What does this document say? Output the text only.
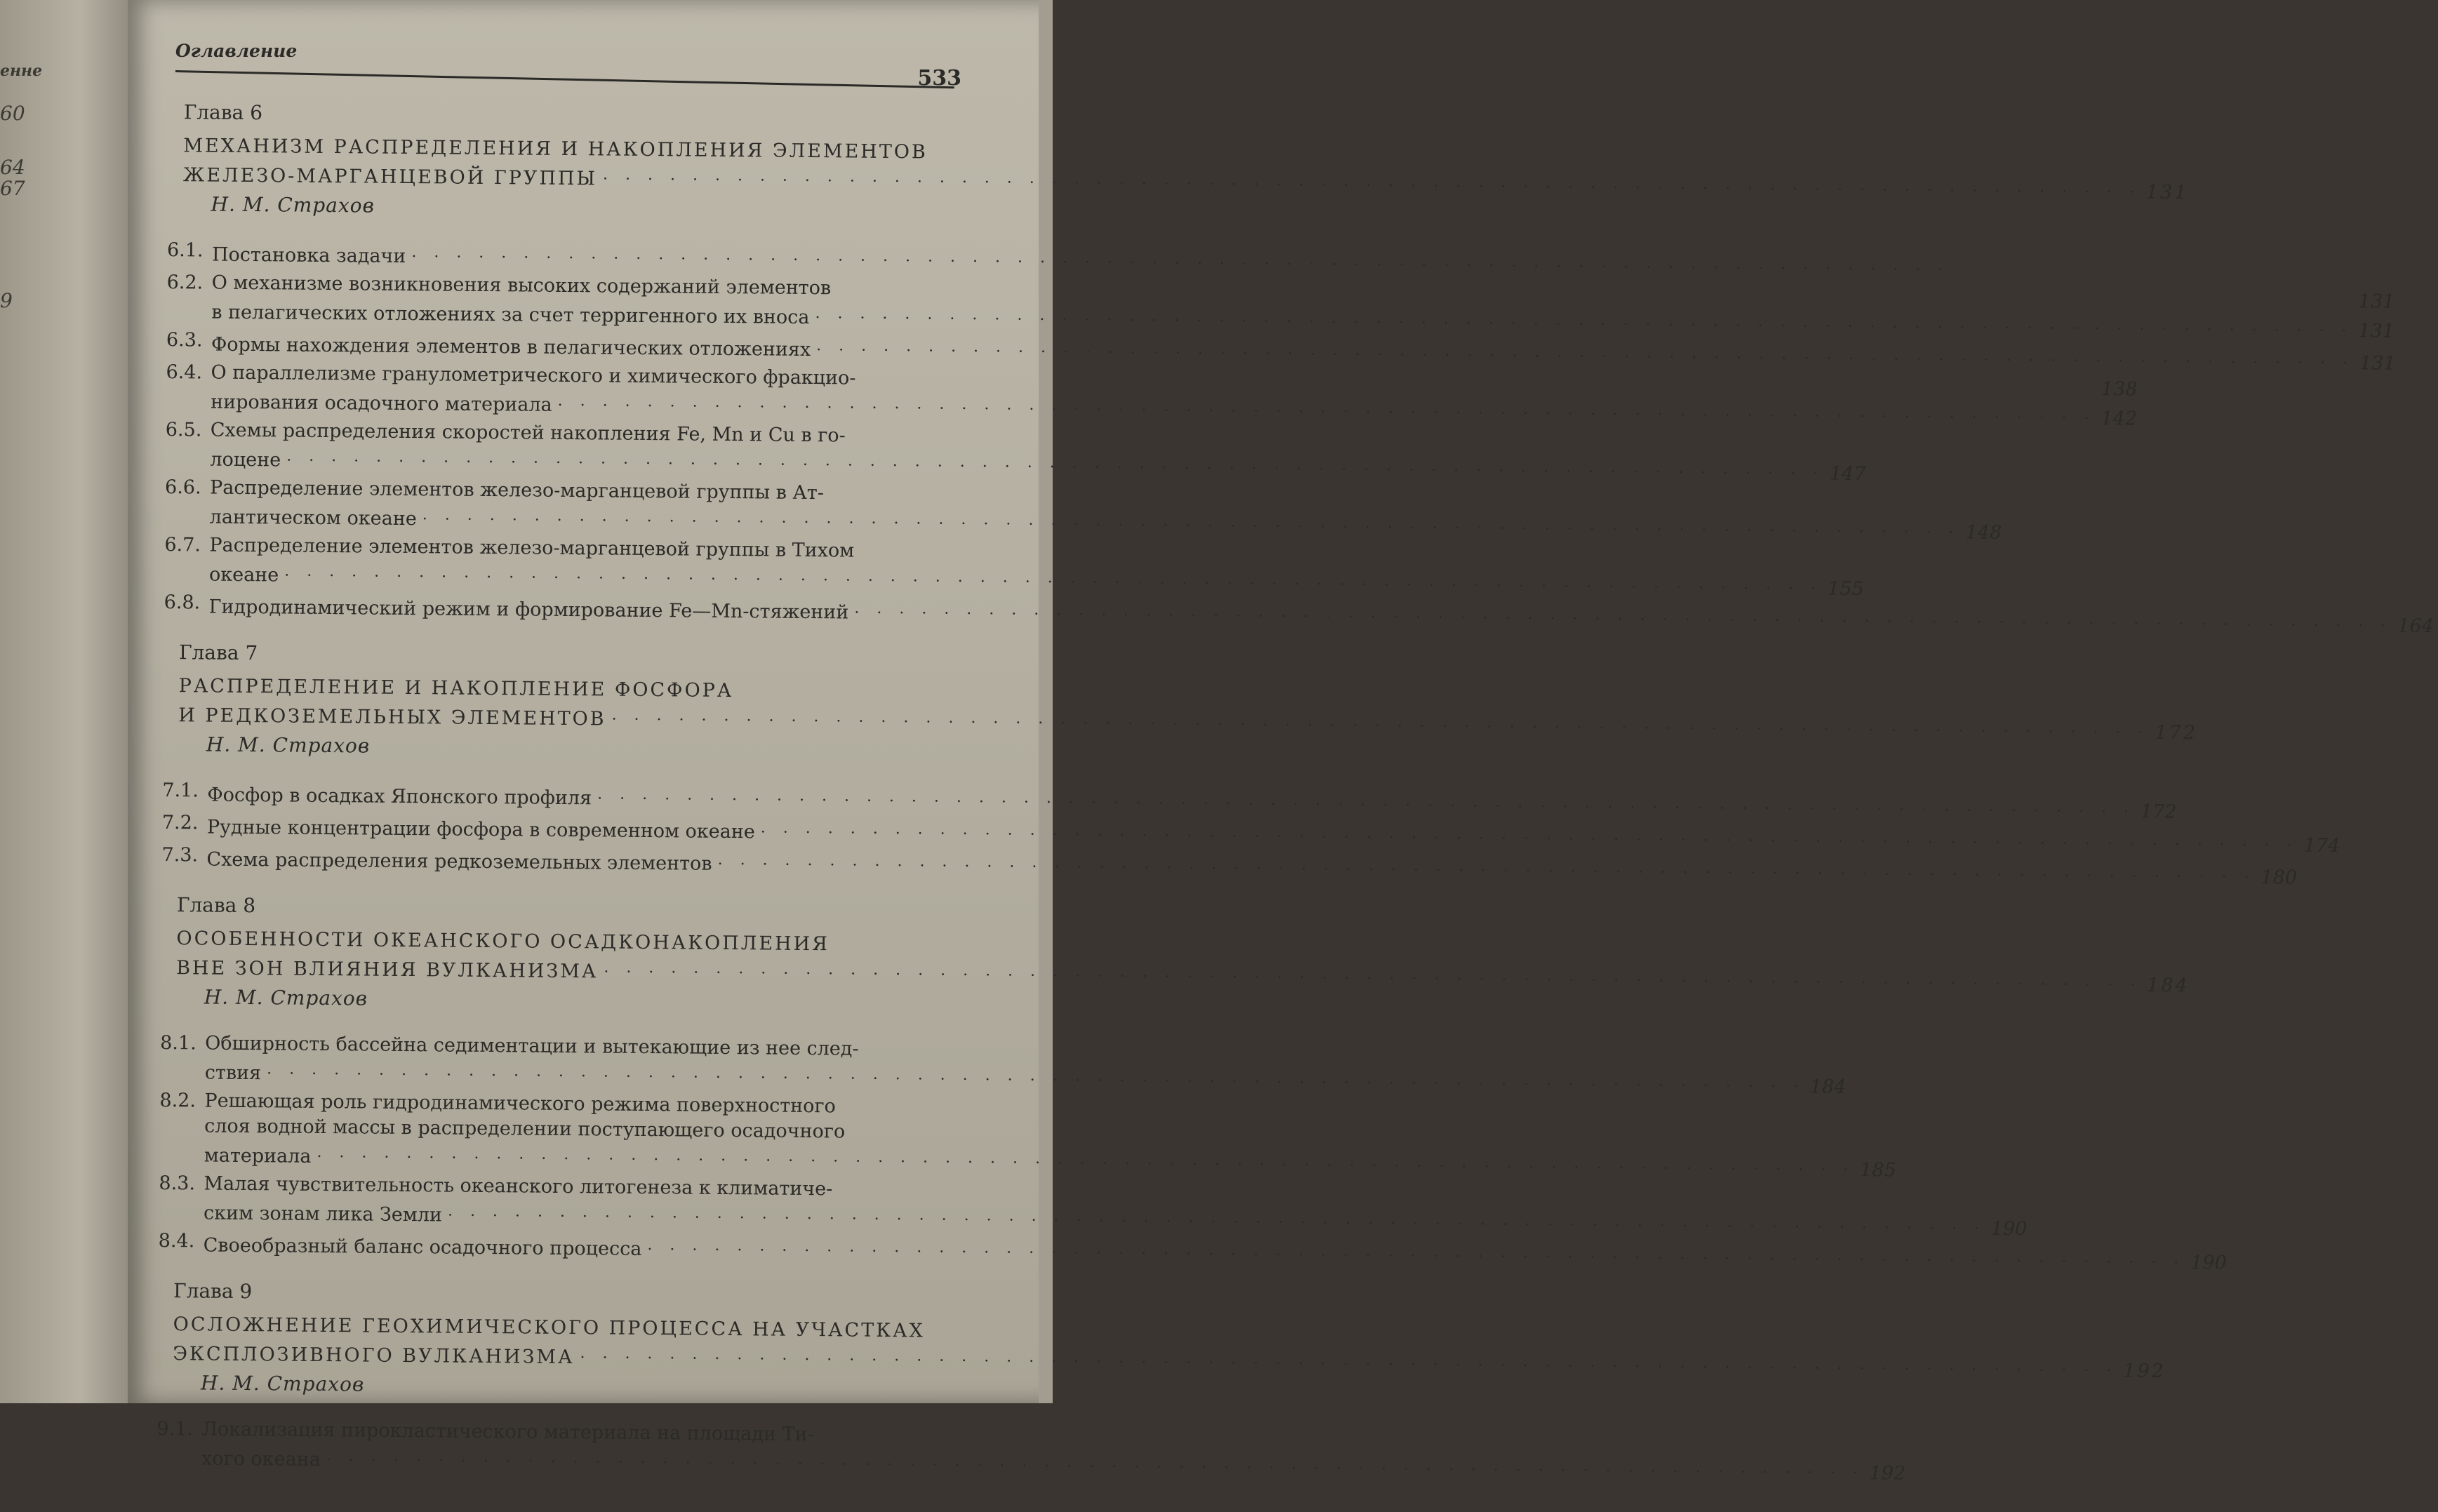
енне
60
64
67
9
Оглавление
533
Глава 6
МЕХАНИЗМ РАСПРЕДЕЛЕНИЯ И НАКОПЛЕНИЯ ЭЛЕМЕНТОВ
ЖЕЛЕЗО-МАРГАНЦЕВОЙ ГРУППЫ . . . . . . . . . . . . . . . . . . . . . . . . . . . . . . . . . . . . . . . . . . . . . . . . . . . . . . . . . . . . . . . . . . . . . 131
Н. М. Страхов
6.1. Постановка задачи . . . . . . . . . . . . . . . . . . . . . . . . . . . . . . . . . . . . . . . . . . . . . . . . . . . . . . . . . . . . . . . . . . . . .
6.2. О механизме возникновения высоких содержаний элементов
131
в пелагических отложениях за счет терригенного их вноса . . . . . . . . . . . . . . . . . . . . . . . . . . . . . . . . . . . . . . . . . . . . . . . . . . . . . . . . . . . . . . . . . . . . . 131
6.3. Формы нахождения элементов в пелагических отложениях . . . . . . . . . . . . . . . . . . . . . . . . . . . . . . . . . . . . . . . . . . . . . . . . . . . . . . . . . . . . . . . . . . . . . 131
6.4. О параллелизме гранулометрического и химического фракцио-
138
нирования осадочного материала . . . . . . . . . . . . . . . . . . . . . . . . . . . . . . . . . . . . . . . . . . . . . . . . . . . . . . . . . . . . . . . . . . . . . 142
6.5. Схемы распределения скоростей накопления Fe, Mn и Cu в го-
лоцене . . . . . . . . . . . . . . . . . . . . . . . . . . . . . . . . . . . . . . . . . . . . . . . . . . . . . . . . . . . . . . . . . . . . . 147
6.6. Распределение элементов железо-марганцевой группы в Ат-
лантическом океане . . . . . . . . . . . . . . . . . . . . . . . . . . . . . . . . . . . . . . . . . . . . . . . . . . . . . . . . . . . . . . . . . . . . . 148
6.7. Распределение элементов железо-марганцевой группы в Тихом
океане . . . . . . . . . . . . . . . . . . . . . . . . . . . . . . . . . . . . . . . . . . . . . . . . . . . . . . . . . . . . . . . . . . . . . 155
6.8. Гидродинамический режим и формирование Fe—Mn-стяжений . . . . . . . . . . . . . . . . . . . . . . . . . . . . . . . . . . . . . . . . . . . . . . . . . . . . . . . . . . . . . . . . . . . . . 164
Глава 7
РАСПРЕДЕЛЕНИЕ И НАКОПЛЕНИЕ ФОСФОРА
И РЕДКОЗЕМЕЛЬНЫХ ЭЛЕМЕНТОВ . . . . . . . . . . . . . . . . . . . . . . . . . . . . . . . . . . . . . . . . . . . . . . . . . . . . . . . . . . . . . . . . . . . . . 172
Н. М. Страхов
7.1. Фосфор в осадках Японского профиля . . . . . . . . . . . . . . . . . . . . . . . . . . . . . . . . . . . . . . . . . . . . . . . . . . . . . . . . . . . . . . . . . . . . . 172
7.2. Рудные концентрации фосфора в современном океане . . . . . . . . . . . . . . . . . . . . . . . . . . . . . . . . . . . . . . . . . . . . . . . . . . . . . . . . . . . . . . . . . . . . . 174
7.3. Схема распределения редкоземельных элементов . . . . . . . . . . . . . . . . . . . . . . . . . . . . . . . . . . . . . . . . . . . . . . . . . . . . . . . . . . . . . . . . . . . . . 180
Глава 8
ОСОБЕННОСТИ ОКЕАНСКОГО ОСАДКОНАКОПЛЕНИЯ
ВНЕ ЗОН ВЛИЯНИЯ ВУЛКАНИЗМА . . . . . . . . . . . . . . . . . . . . . . . . . . . . . . . . . . . . . . . . . . . . . . . . . . . . . . . . . . . . . . . . . . . . . 184
Н. М. Страхов
8.1. Обширность бассейна седиментации и вытекающие из нее след-
ствия . . . . . . . . . . . . . . . . . . . . . . . . . . . . . . . . . . . . . . . . . . . . . . . . . . . . . . . . . . . . . . . . . . . . . 184
8.2. Решающая роль гидродинамического режима поверхностного
слоя водной массы в распределении поступающего осадочного
материала . . . . . . . . . . . . . . . . . . . . . . . . . . . . . . . . . . . . . . . . . . . . . . . . . . . . . . . . . . . . . . . . . . . . . 185
8.3. Малая чувствительность океанского литогенеза к климатиче-
ским зонам лика Земли . . . . . . . . . . . . . . . . . . . . . . . . . . . . . . . . . . . . . . . . . . . . . . . . . . . . . . . . . . . . . . . . . . . . . 190
8.4. Своеобразный баланс осадочного процесса . . . . . . . . . . . . . . . . . . . . . . . . . . . . . . . . . . . . . . . . . . . . . . . . . . . . . . . . . . . . . . . . . . . . . 190
Глава 9
ОСЛОЖНЕНИЕ ГЕОХИМИЧЕСКОГО ПРОЦЕССА НА УЧАСТКАХ
ЭКСПЛОЗИВНОГО ВУЛКАНИЗМА . . . . . . . . . . . . . . . . . . . . . . . . . . . . . . . . . . . . . . . . . . . . . . . . . . . . . . . . . . . . . . . . . . . . . 192
Н. М. Страхов
9.1. Локализация пирокластического материала на площади Ти-
хого океана . . . . . . . . . . . . . . . . . . . . . . . . . . . . . . . . . . . . . . . . . . . . . . . . . . . . . . . . . . . . . . . . . . . . . 192
